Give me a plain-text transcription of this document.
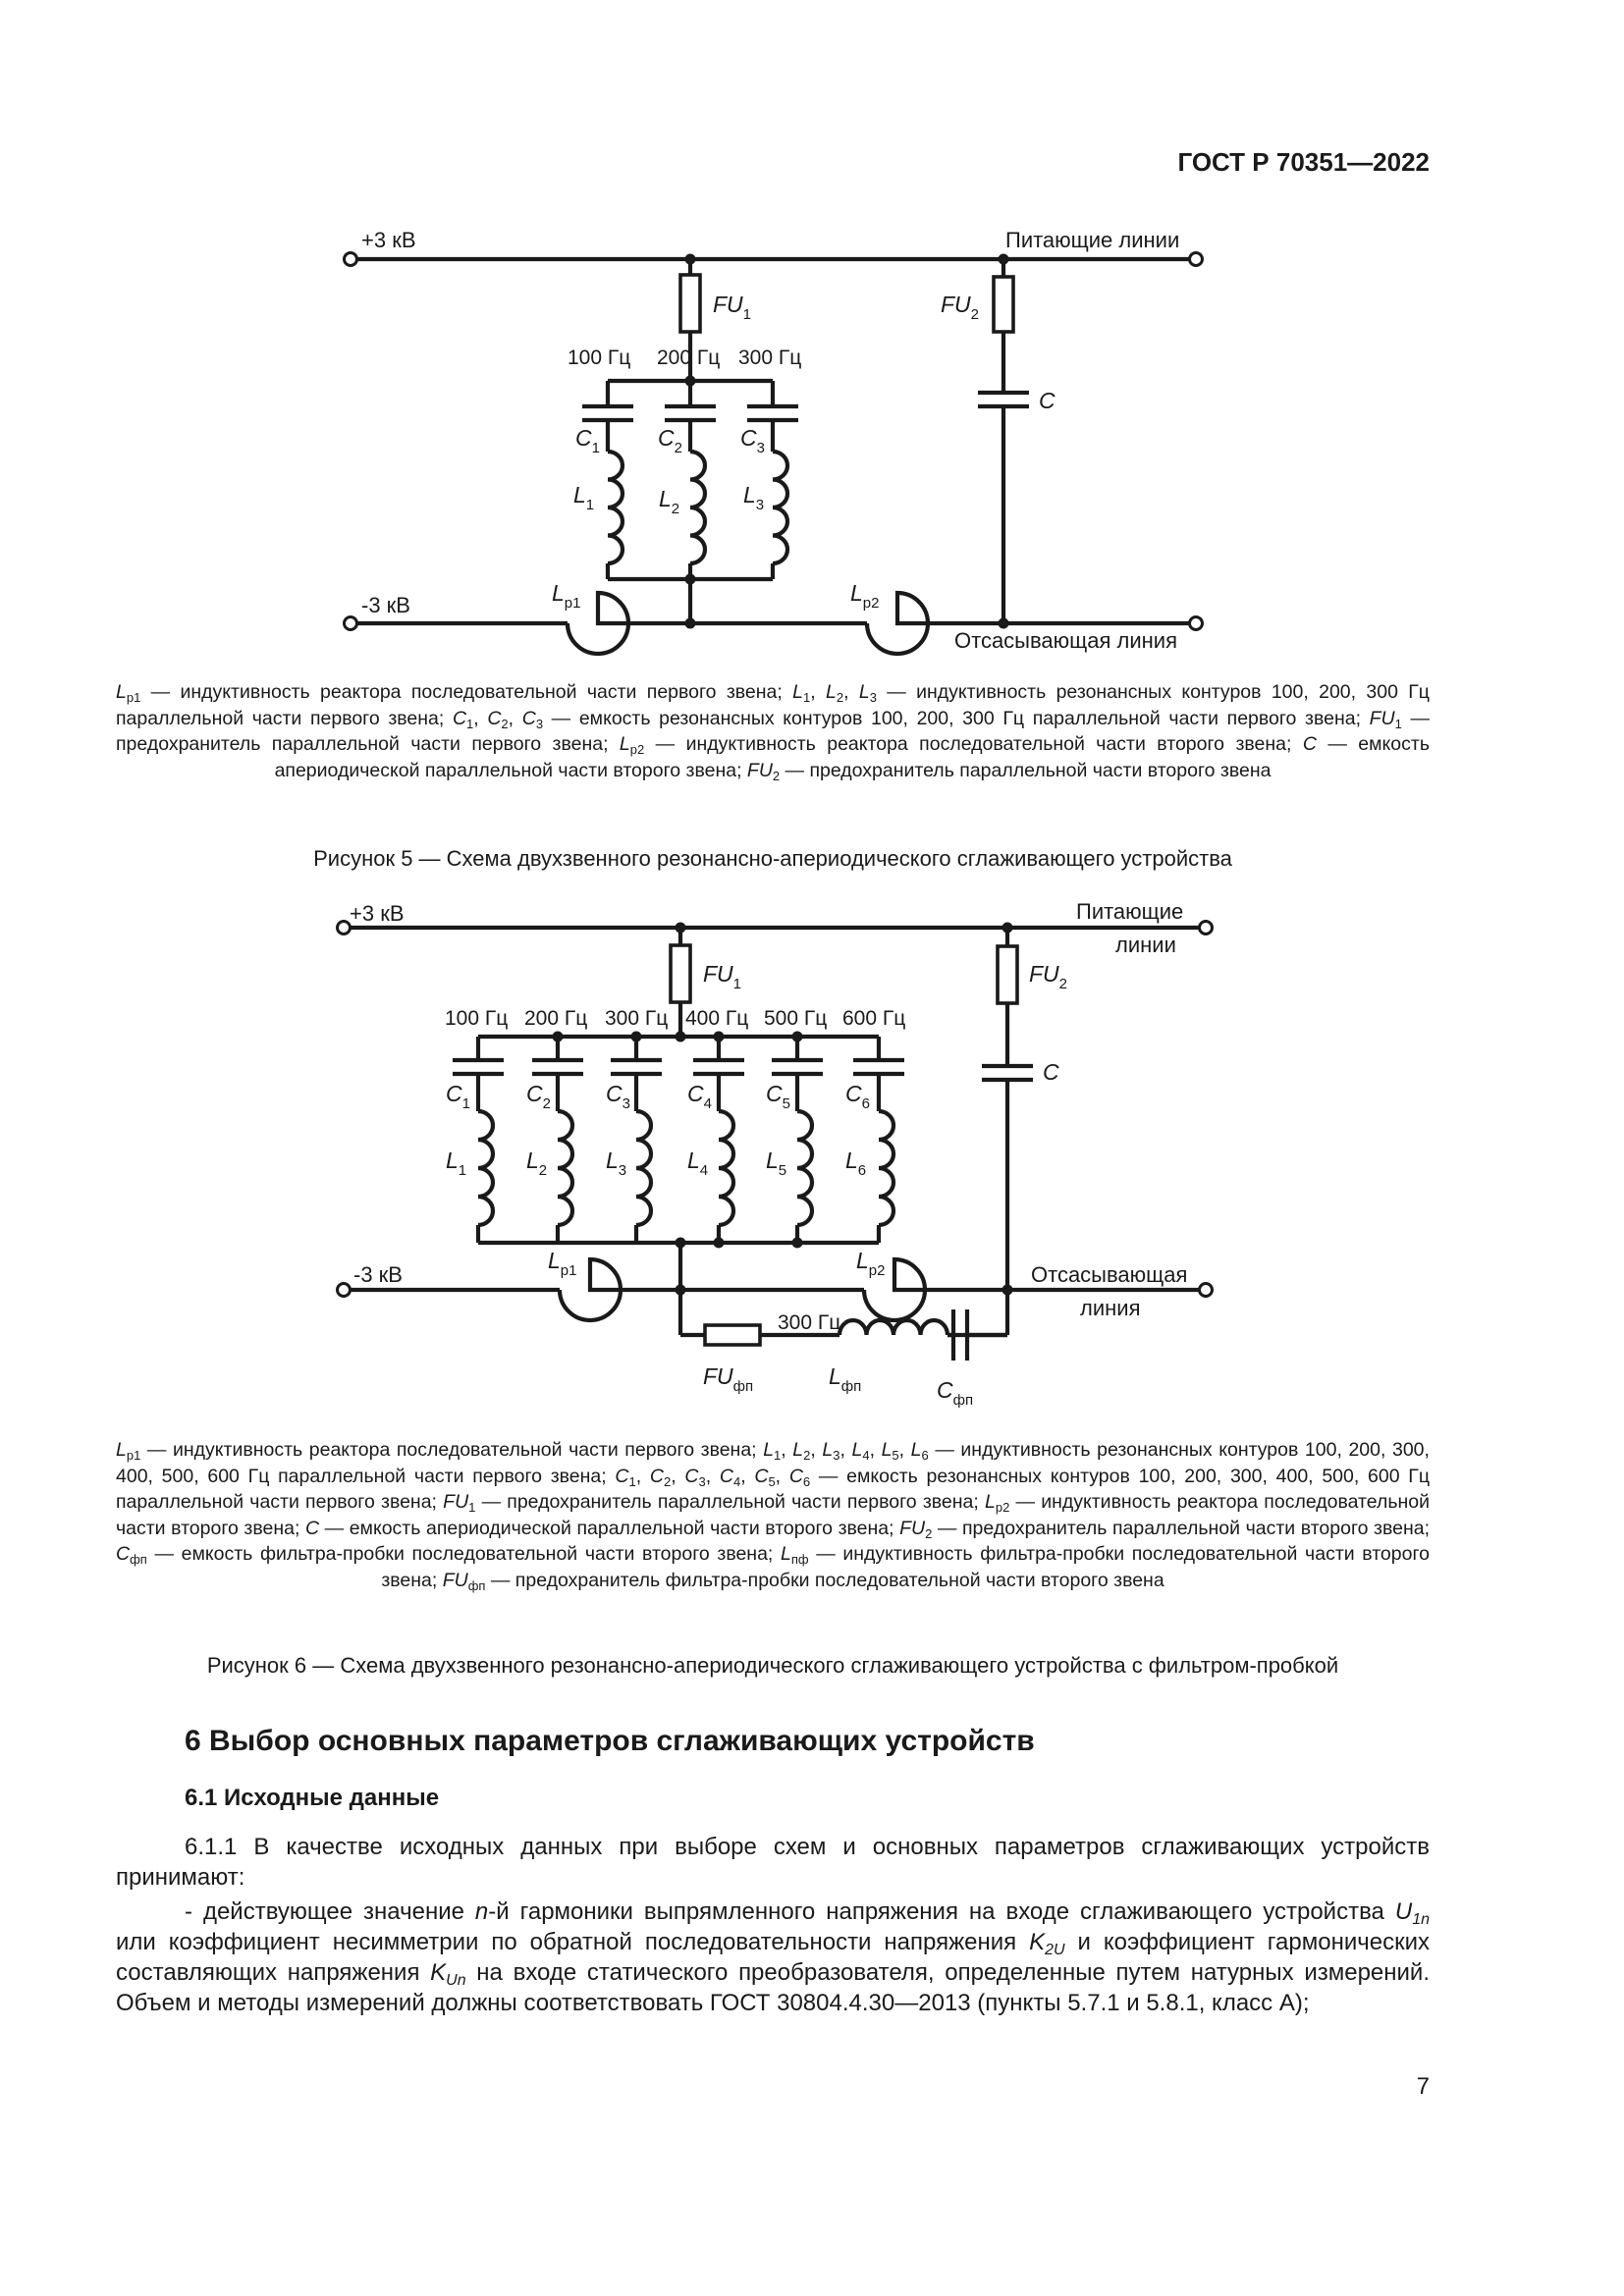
ГОСТ Р 70351—2022
+3 кВ	Питающие линии
-3 кВ
Отсасывающая линия
$FU_1$	$FU_2$
C
100 Гц 200 Гц 300 Гц
$C_1$	$C_2$	$C_3$
$L_1$	$L_2$
$L_3$
$L_{р1}$	$L_{р2}$
$L_{р1}$ — индуктивность реактора последовательной части первого звена; $L_1$, $L_2$, $L_3$ — индуктивность резонансных контуров 100, 200, 300 Гц параллельной части первого звена; $C_1$, $C_2$, $C_3$ — емкость резонансных контуров 100, 200, 300 Гц параллельной части первого звена; $FU_1$ — предохранитель параллельной части первого звена; $L_{р2}$ — индуктивность реактора последовательной части второго звена; C — емкость апериодической параллельной части второго звена; $FU_2$ — предохранитель параллельной части второго звена
Рисунок 5 — Схема двухзвенного резонансно-апериодического сглаживающего устройства
+3 кВ	Питающие
линии
-3 кВ	Отсасывающая
линия
$FU_1$	$FU_2$
C
100 Гц 200 Гц 300 Гц 400 Гц 500 Гц 600 Гц
$C_1$ $C_2$ $C_3$	$C_4$ $C_5$ $C_6$
$L_1$	$L_2$	$L_3$	$L_4$	$L_5$	$L_6$
$L_{р1}$	$L_{р2}$
300 Гц
$FU_{фп}$	$L_{фп}$	$C_{фп}$
$L_{р1}$ — индуктивность реактора последовательной части первого звена; $L_1$, $L_2$, $L_3$, $L_4$, $L_5$, $L_6$ — индуктивность резонансных контуров 100, 200, 300, 400, 500, 600 Гц параллельной части первого звена; $C_1$, $C_2$, $C_3$, $C_4$, $C_5$, $C_6$ — емкость резонансных контуров 100, 200, 300, 400, 500, 600 Гц параллельной части первого звена; $FU_1$ — предохранитель параллельной части первого звена; $L_{р2}$ — индуктивность реактора последовательной части второго звена; C — емкость апериодической параллельной части второго звена; $FU_2$ — предохранитель параллельной части второго звена; $C_{фп}$ — емкость фильтра-пробки последовательной части второго звена; $L_{пф}$ — индуктивность фильтра-пробки последовательной части второго звена; $FU_{фп}$ — предохранитель фильтра-пробки последовательной части второго звена
Рисунок 6 — Схема двухзвенного резонансно-апериодического сглаживающего устройства с фильтром-пробкой
6 Выбор основных параметров сглаживающих устройств
6.1 Исходные данные

6.1.1 В качестве исходных данных при выборе схем и основных параметров сглаживающих устройств принимают:

- действующее значение n-й гармоники выпрямленного напряжения на входе сглаживающего устройства $U_{1n}$ или коэффициент несимметрии по обратной последовательности напряжения $K_{2U}$ и коэффициент гармонических составляющих напряжения $K_{Un}$ на входе статического преобразователя, определенные путем натурных измерений. Объем и методы измерений должны соответствовать ГОСТ 30804.4.30—2013 (пункты 5.7.1 и 5.8.1, класс А);

7
